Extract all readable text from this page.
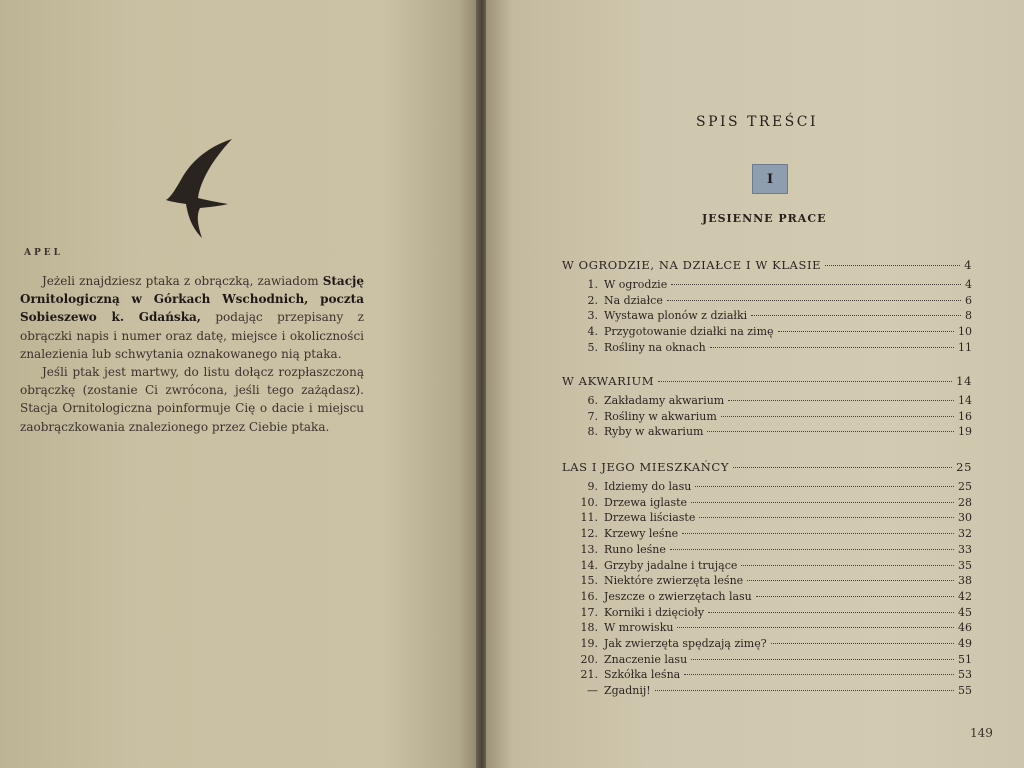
APEL

Jeżeli znajdziesz ptaka z obrączką, zawiadom Stację Ornitologiczną w Górkach Wschodnich, poczta Sobieszewo k. Gdańska, podając przepisany z obrączki napis i numer oraz datę, miejsce i okoliczności znalezienia lub schwytania oznakowanego nią ptaka.

Jeśli ptak jest martwy, do listu dołącz rozpłaszczoną obrączkę (zostanie Ci zwrócona, jeśli tego zażądasz). Stacja Ornitologiczna poinformuje Cię o dacie i miejscu zaobrączkowania znalezionego przez Ciebie ptaka.

SPIS TREŚCI
I
JESIENNE PRACE
W OGRODZIE, NA DZIAŁCE I W KLASIE	4
1. W ogrodzie	4
2. Na działce	6
3. Wystawa plonów z działki	8
4. Przygotowanie działki na zimę	10
5. Rośliny na oknach	11
W AKWARIUM	14
6. Zakładamy akwarium	14
7. Rośliny w akwarium	16
8. Ryby w akwarium	19
LAS I JEGO MIESZKAŃCY	25
9. Idziemy do lasu	25
10. Drzewa iglaste	28
11. Drzewa liściaste	30
12. Krzewy leśne	32
13. Runo leśne	33
14. Grzyby jadalne i trujące	35
15. Niektóre zwierzęta leśne	38
16. Jeszcze o zwierzętach lasu	42
17. Korniki i dzięcioły	45
18. W mrowisku	46
19. Jak zwierzęta spędzają zimę?	49
20. Znaczenie lasu	51
21. Szkółka leśna	53
— Zgadnij!	55
149
